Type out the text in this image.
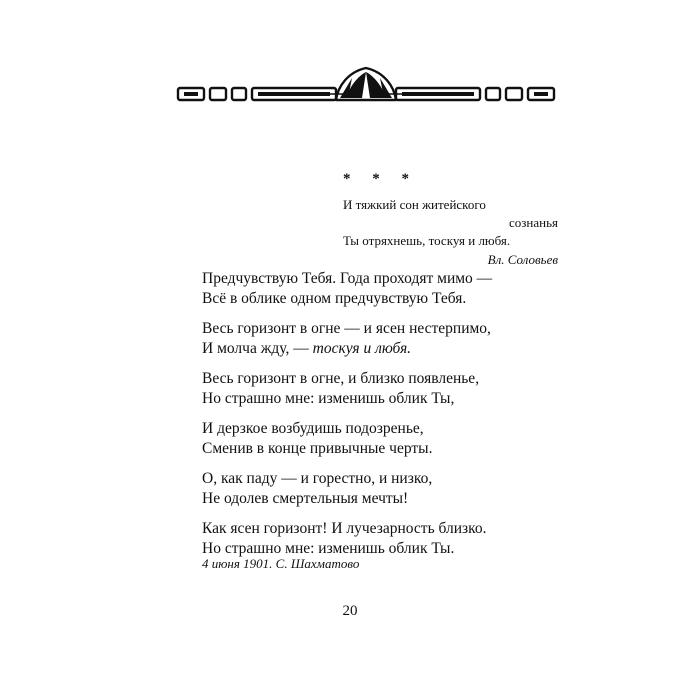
* * *
И тяжкий сон житейского
сознанья
Ты отряхнешь, тоскуя и любя.
Вл. Соловьев
Предчувствую Тебя. Года проходят мимо —
Всё в облике одном предчувствую Тебя.
Весь горизонт в огне — и ясен нестерпимо,
И молча жду, — тоскуя и любя.
Весь горизонт в огне, и близко появленье,
Но страшно мне: изменишь облик Ты,
И дерзкое возбудишь подозренье,
Сменив в конце привычные черты.
О, как паду — и горестно, и низко,
Не одолев смертельныя мечты!
Как ясен горизонт! И лучезарность близко.
Но страшно мне: изменишь облик Ты.
4 июня 1901. С. Шахматово
20
